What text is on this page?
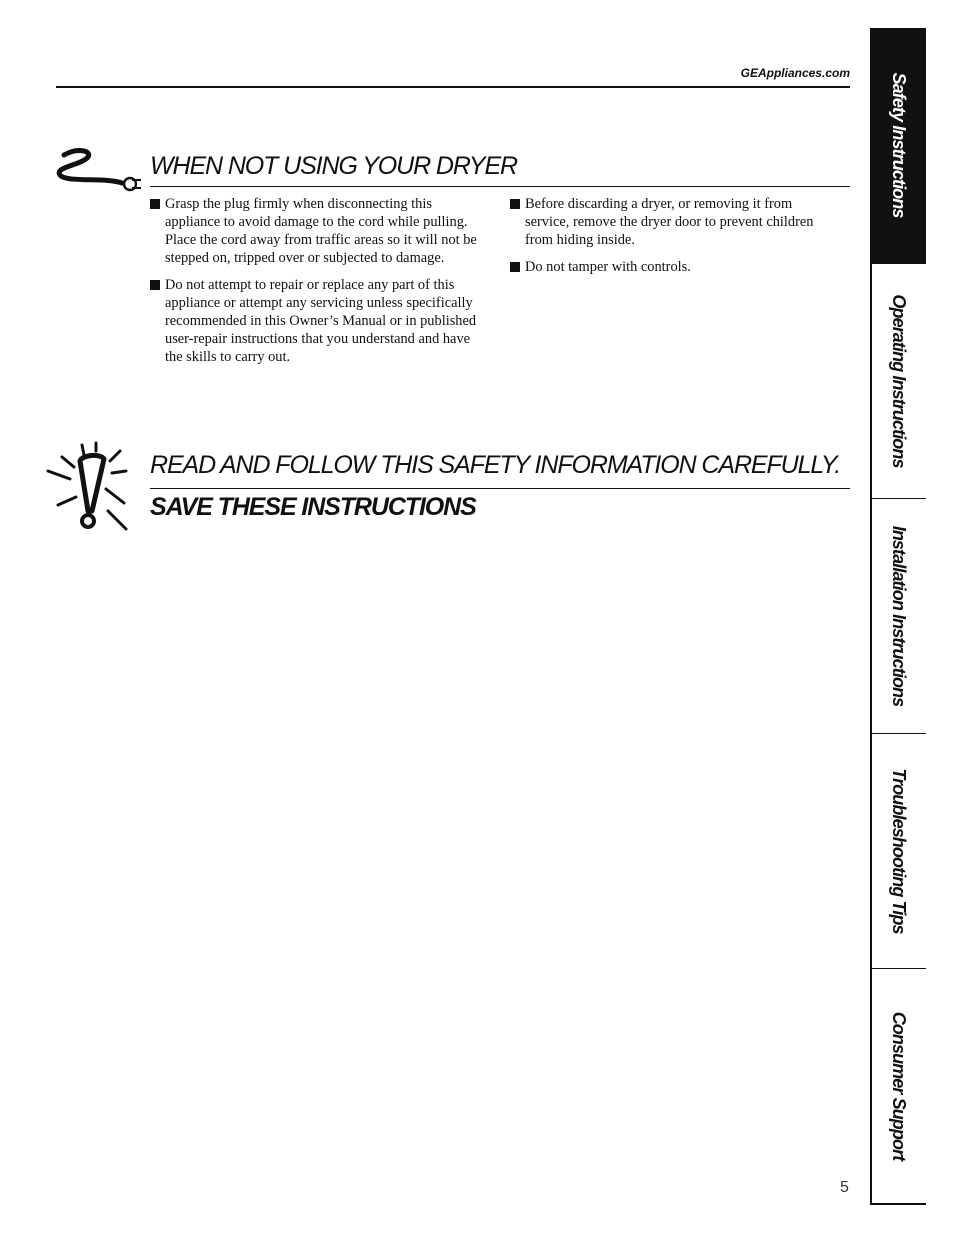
GEAppliances.com
WHEN NOT USING YOUR DRYER
Grasp the plug firmly when disconnecting this appliance to avoid damage to the cord while pulling. Place the cord away from traffic areas so it will not be stepped on, tripped over or subjected to damage.
Do not attempt to repair or replace any part of this appliance or attempt any servicing unless specifically recommended in this Owner’s Manual or in published user-repair instructions that you understand and have the skills to carry out.
Before discarding a dryer, or removing it from service, remove the dryer door to prevent children from hiding inside.
Do not tamper with controls.
READ AND FOLLOW THIS SAFETY INFORMATION CAREFULLY.
SAVE THESE INSTRUCTIONS
Safety Instructions
Operating Instructions
Installation Instructions
Troubleshooting Tips
Consumer Support
5
